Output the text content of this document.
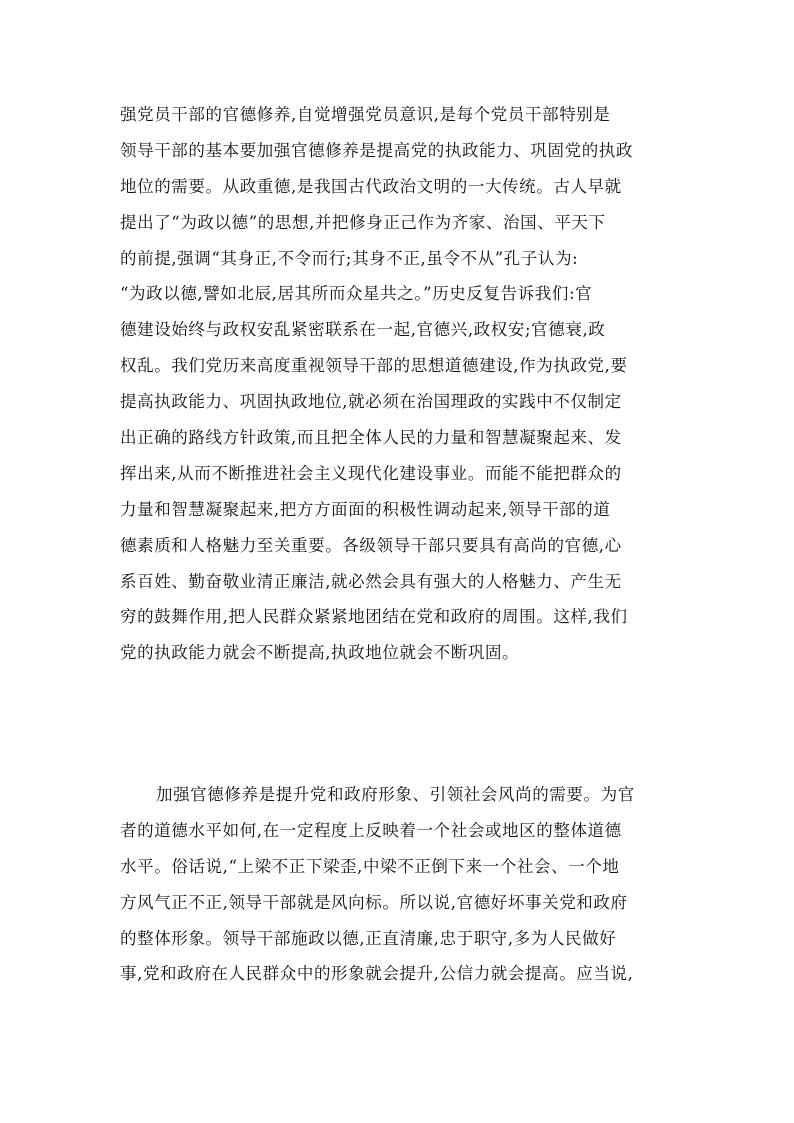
强党员干部的官德修养,自觉增强党员意识,是每个党员干部特别是
领导干部的基本要加强官德修养是提高党的执政能力、巩固党的执政
地位的需要。从政重德,是我国古代政治文明的一大传统。古人早就
提出了“为政以德”的思想,并把修身正己作为齐家、治国、平天下
的前提,强调“其身正,不令而行;其身不正,虽令不从”孔子认为:
“为政以德,譬如北辰,居其所而众星共之。”历史反复告诉我们:官
德建设始终与政权安乱紧密联系在一起,官德兴,政权安;官德衰,政
权乱。我们党历来高度重视领导干部的思想道德建设,作为执政党,要
提高执政能力、巩固执政地位,就必须在治国理政的实践中不仅制定
出正确的路线方针政策,而且把全体人民的力量和智慧凝聚起来、发
挥出来,从而不断推进社会主义现代化建设事业。而能不能把群众的
力量和智慧凝聚起来,把方方面面的积极性调动起来,领导干部的道
德素质和人格魅力至关重要。各级领导干部只要具有高尚的官德,心
系百姓、勤奋敬业清正廉洁,就必然会具有强大的人格魅力、产生无
穷的鼓舞作用,把人民群众紧紧地团结在党和政府的周围。这样,我们
党的执政能力就会不断提高,执政地位就会不断巩固。
加强官德修养是提升党和政府形象、引领社会风尚的需要。为官
者的道德水平如何,在一定程度上反映着一个社会或地区的整体道德
水平。俗话说,“上梁不正下梁歪,中梁不正倒下来一个社会、一个地
方风气正不正,领导干部就是风向标。所以说,官德好坏事关党和政府
的整体形象。领导干部施政以德,正直清廉,忠于职守,多为人民做好
事,党和政府在人民群众中的形象就会提升,公信力就会提高。应当说,
